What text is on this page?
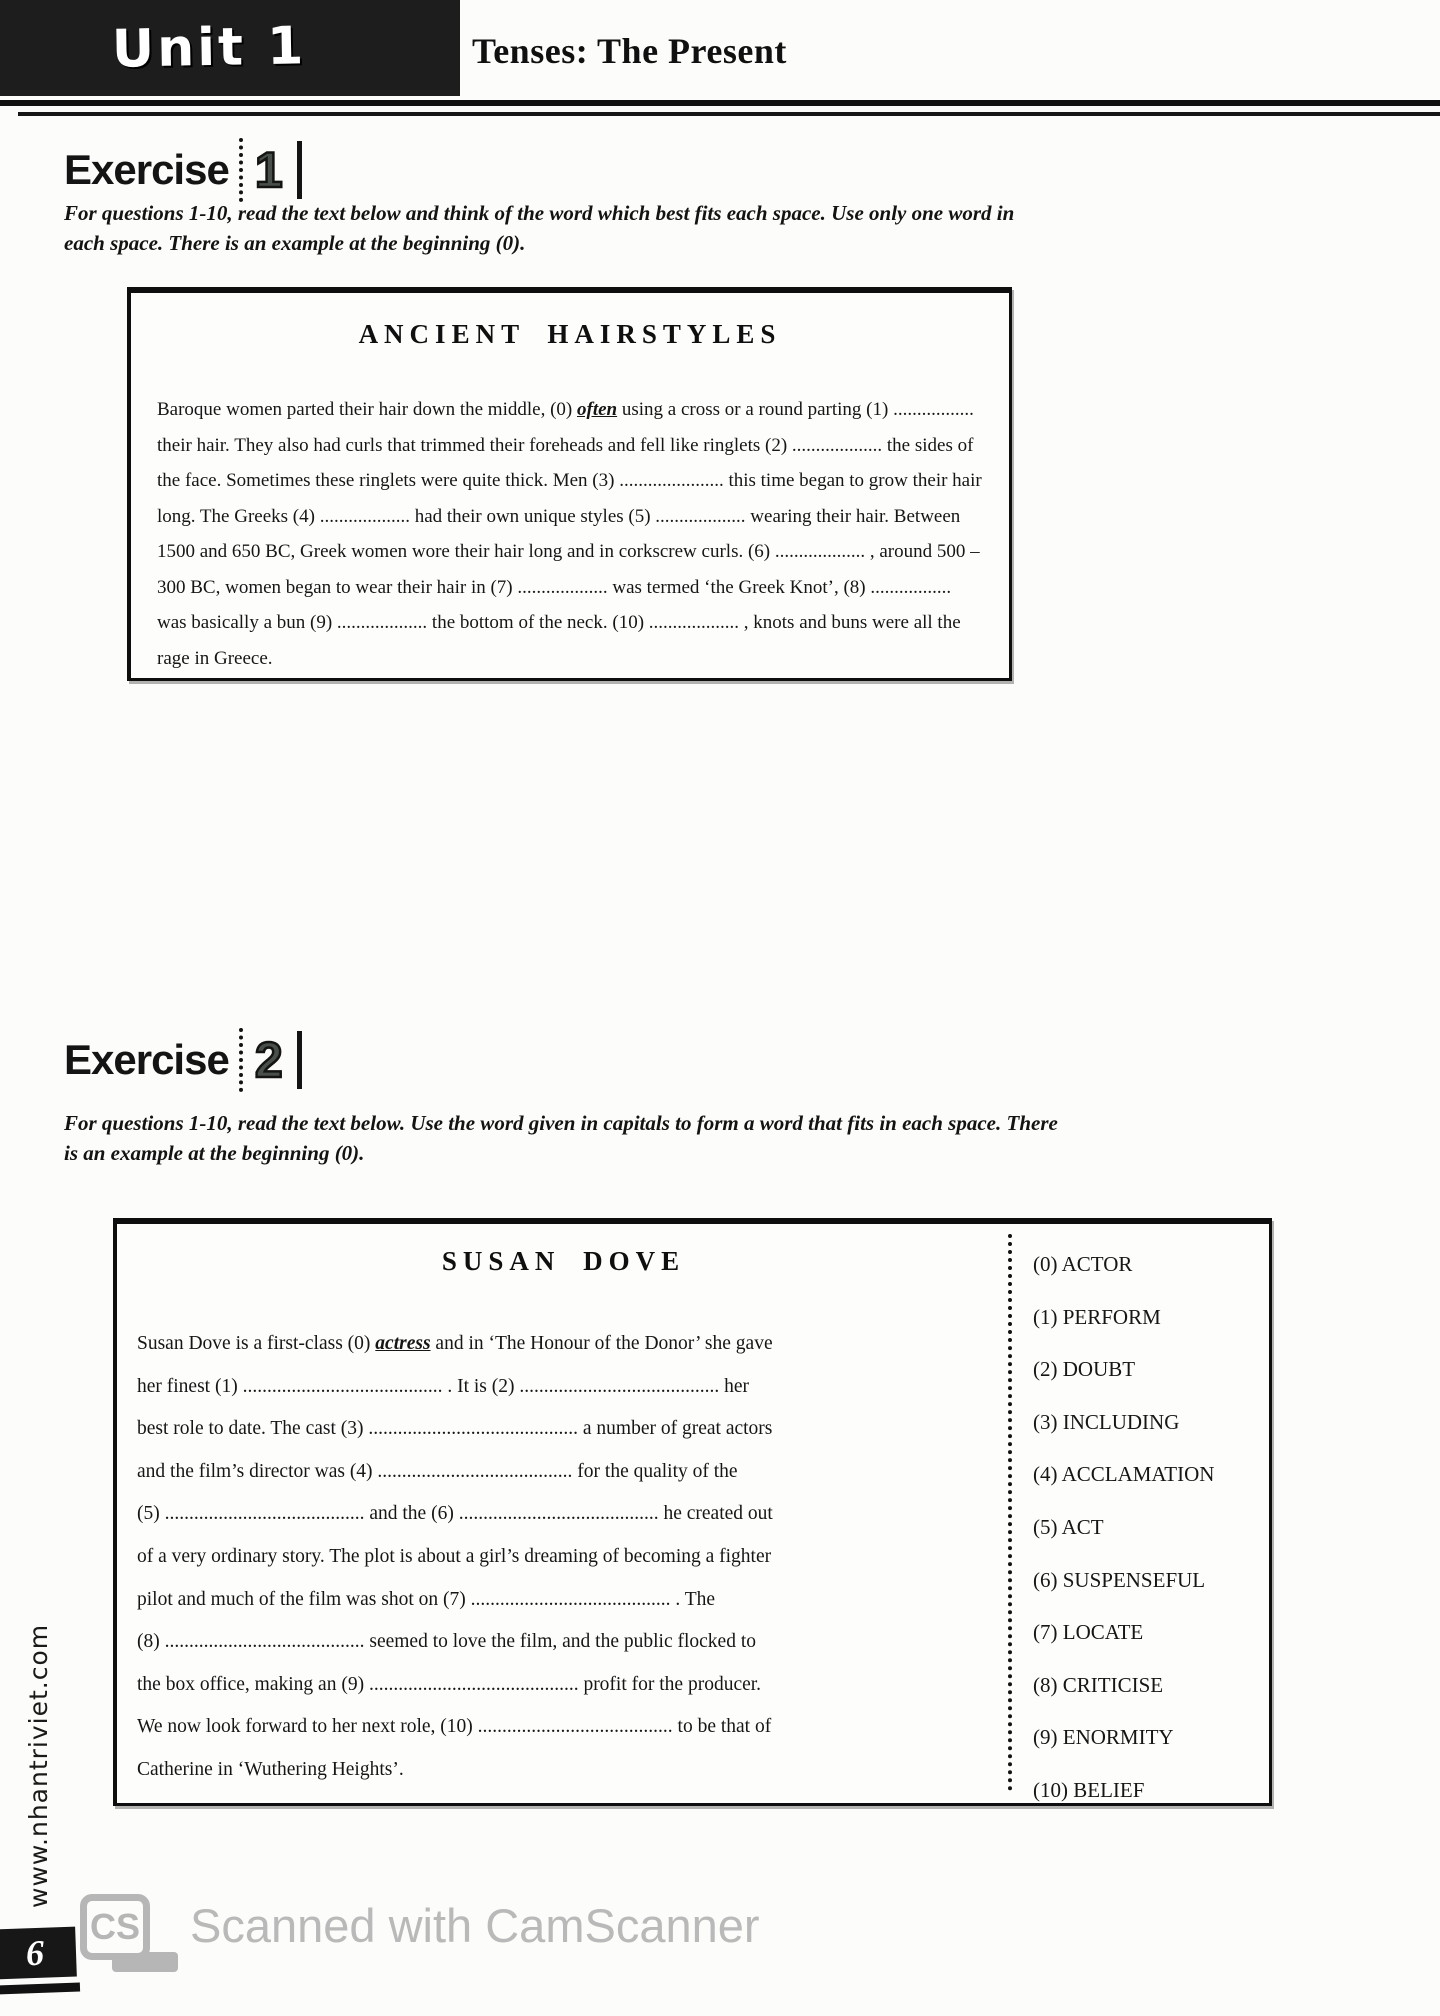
Unit 1	Tenses: The Present
Exercise 1

For questions 1-10, read the text below and think of the word which best fits each space. Use only one word in each space. There is an example at the beginning (0).

ANCIENT HAIRSTYLES
Baroque women parted their hair down the middle, (0) often using a cross or a round parting (1) .................
their hair. They also had curls that trimmed their foreheads and fell like ringlets (2) ................... the sides of
the face. Sometimes these ringlets were quite thick. Men (3) ...................... this time began to grow their hair
long. The Greeks (4) ................... had their own unique styles (5) ................... wearing their hair. Between
1500 and 650 BC, Greek women wore their hair long and in corkscrew curls. (6) ................... , around 500 –
300 BC, women began to wear their hair in (7) ................... was termed ‘the Greek Knot’, (8) .................
was basically a bun (9) ................... the bottom of the neck. (10) ................... , knots and buns were all the
rage in Greece.
Exercise 2

For questions 1-10, read the text below. Use the word given in capitals to form a word that fits in each space. There is an example at the beginning (0).

SUSAN DOVE
Susan Dove is a first-class (0) actress and in ‘The Honour of the Donor’ she gave
her finest (1) ......................................... . It is (2) ......................................... her
best role to date. The cast (3) ........................................... a number of great actors
and the film’s director was (4) ........................................ for the quality of the
(5) ......................................... and the (6) ......................................... he created out
of a very ordinary story. The plot is about a girl’s dreaming of becoming a fighter
pilot and much of the film was shot on (7) ......................................... . The
(8) ......................................... seemed to love the film, and the public flocked to
the box office, making an (9) ........................................... profit for the producer.
We now look forward to her next role, (10) ........................................ to be that of
Catherine in ‘Wuthering Heights’.
(0) ACTOR
(1) PERFORM
(2) DOUBT
(3) INCLUDING
(4) ACCLAMATION
(5) ACT
(6) SUSPENSEFUL
(7) LOCATE
(8) CRITICISE
(9) ENORMITY
(10) BELIEF
www.nhantriviet.com
CS Scanned with CamScanner
6
